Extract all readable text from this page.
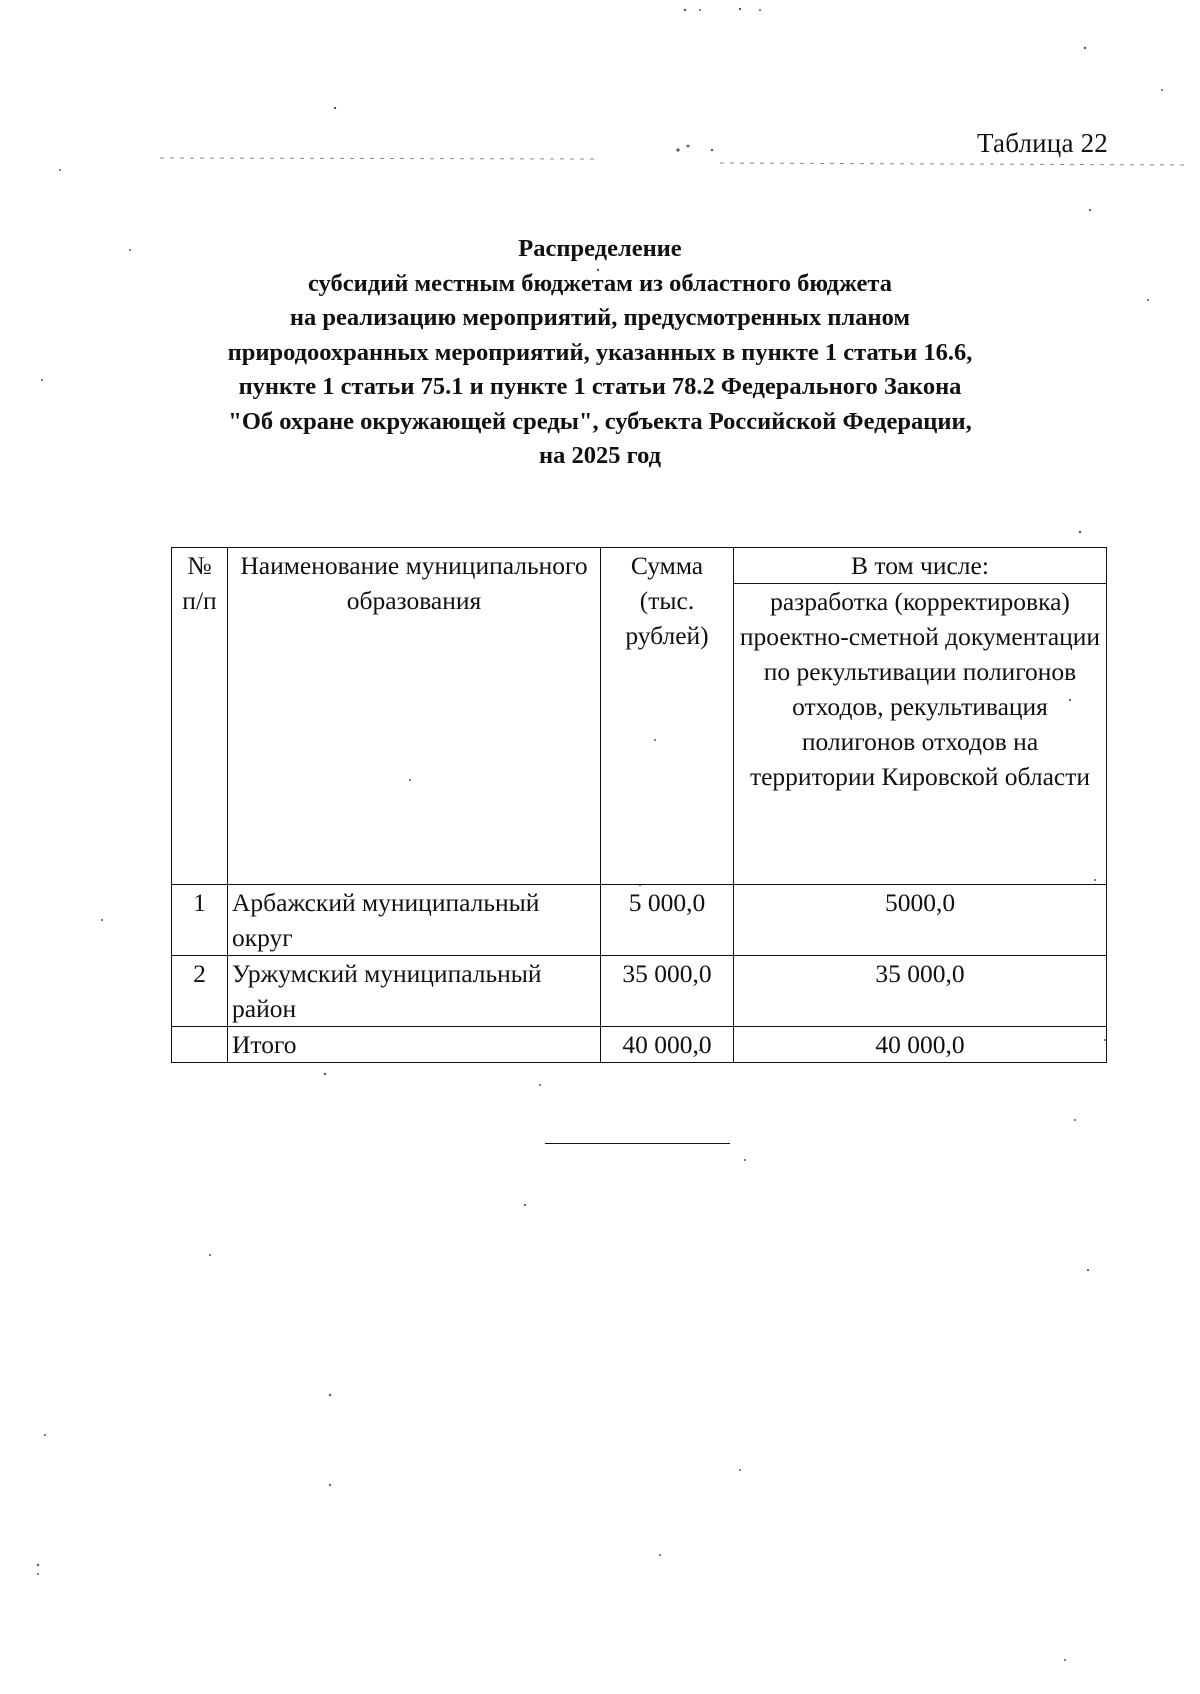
Таблица 22
Распределение
субсидий местным бюджетам из областного бюджета
на реализацию мероприятий, предусмотренных планом
природоохранных мероприятий, указанных в пункте 1 статьи 16.6,
пункте 1 статьи 75.1 и пункте 1 статьи 78.2 Федерального Закона
"Об охране окружающей среды", субъекта Российской Федерации,
на 2025 год
№ п/п	Наименование муниципального образования	Сумма (тыс. рублей)	В том числе:
			разработка (корректировка) проектно-сметной документации по рекультивации полигонов отходов, рекультивация полигонов отходов на территории Кировской области
1	Арбажский муниципальный округ	5 000,0	5000,0
2	Уржумский муниципальный район	35 000,0	35 000,0
	Итого	40 000,0	40 000,0
